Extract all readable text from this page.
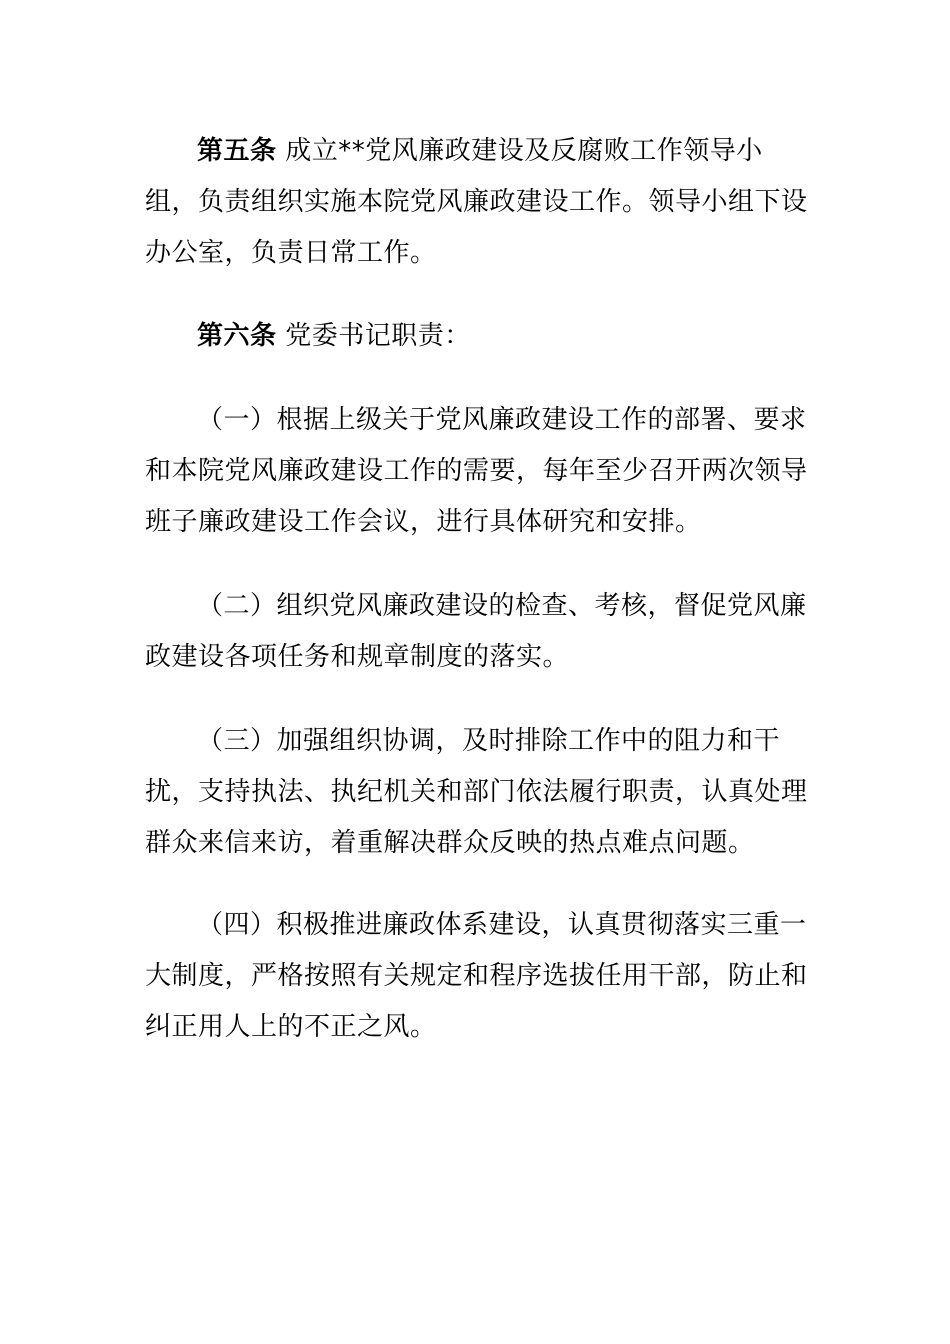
第五条 成立**党风廉政建设及反腐败工作领导小组，负责组织实施本院党风廉政建设工作。领导小组下设办公室，负责日常工作。

第六条 党委书记职责：

（一）根据上级关于党风廉政建设工作的部署、要求和本院党风廉政建设工作的需要，每年至少召开两次领导班子廉政建设工作会议，进行具体研究和安排。

（二）组织党风廉政建设的检查、考核，督促党风廉政建设各项任务和规章制度的落实。

（三）加强组织协调，及时排除工作中的阻力和干扰，支持执法、执纪机关和部门依法履行职责，认真处理群众来信来访，着重解决群众反映的热点难点问题。

（四）积极推进廉政体系建设，认真贯彻落实三重一大制度，严格按照有关规定和程序选拔任用干部，防止和纠正用人上的不正之风。
